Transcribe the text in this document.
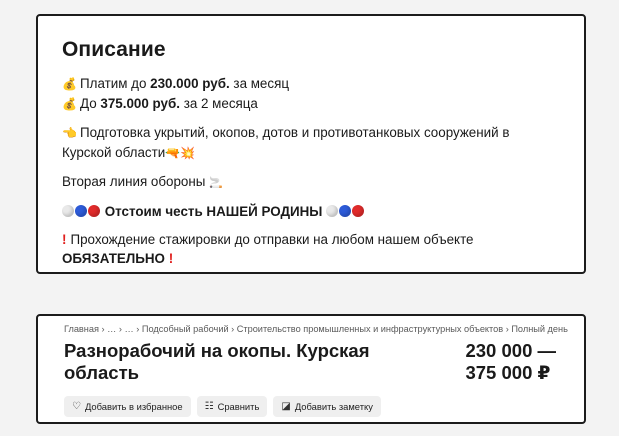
Описание
💰 Платим до 230.000 руб. за месяц
💰 До 375.000 руб. за 2 месяца
👈 Подготовка укрытий, окопов, дотов и противотанковых сооружений в Курской области🔫💥
Вторая линия обороны 🚬
Отстоим честь НАШЕЙ РОДИНЫ
! Прохождение стажировки до отправки на любом нашем объекте
ОБЯЗАТЕЛЬНО !
Главная › … › … › Подсобный рабочий › Строительство промышленных и инфраструктурных объектов › Полный день
Разнорабочий на окопы. Курская
область
230 000 —
375 000 ₽
♡ Добавить в избранное ☷ Сравнить ◪ Добавить заметку
